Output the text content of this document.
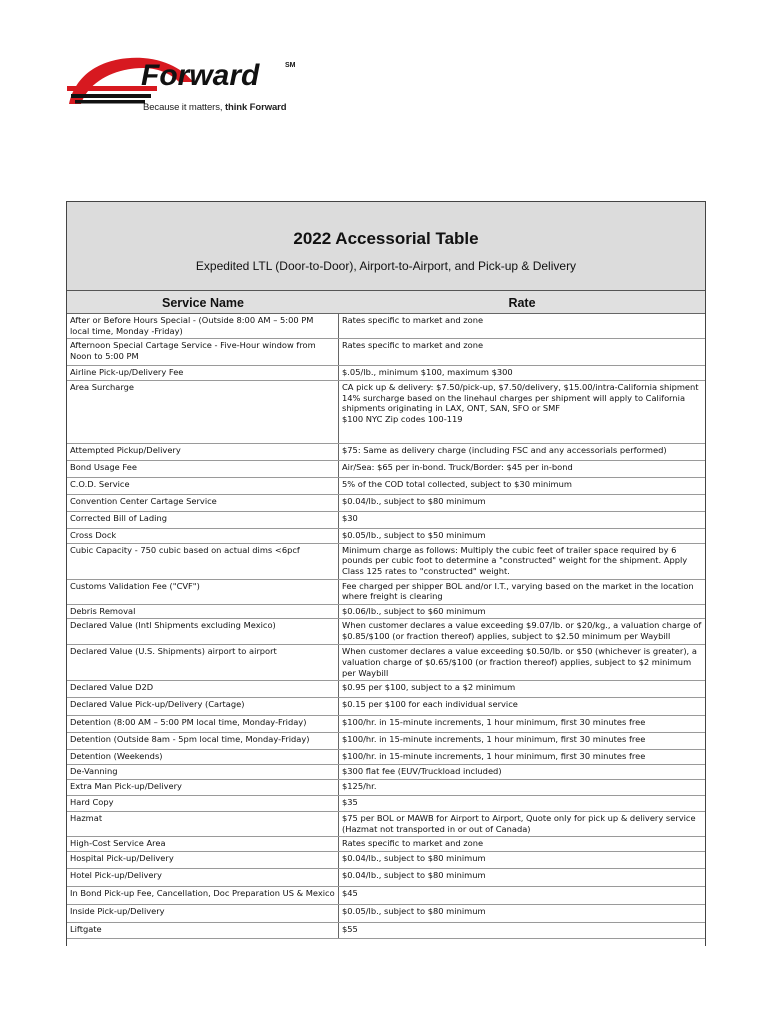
Forward	SM
Because it matters, think Forward
2022 Accessorial Table
Expedited LTL (Door-to-Door), Airport-to-Airport, and Pick-up & Delivery
Service Name	Rate
After or Before Hours Special - (Outside 8:00 AM – 5:00 PM local time, Monday -Friday)	Rates specific to market and zone

Afternoon Special Cartage Service - Five-Hour window from Noon to 5:00 PM	Rates specific to market and zone

Airline Pick-up/Delivery Fee	$.05/lb., minimum $100, maximum $300

Area Surcharge	CA pick up & delivery: $7.50/pick-up, $7.50/delivery, $15.00/intra-California shipment
14% surcharge based on the linehaul charges per shipment will apply to California shipments originating in LAX, ONT, SAN, SFO or SMF
$100 NYC Zip codes 100-119

Attempted Pickup/Delivery	$75: Same as delivery charge (including FSC and any accessorials performed)

Bond Usage Fee	Air/Sea: $65 per in-bond. Truck/Border: $45 per in-bond

C.O.D. Service	5% of the COD total collected, subject to $30 minimum

Convention Center Cartage Service	$0.04/lb., subject to $80 minimum

Corrected Bill of Lading	$30

Cross Dock	$0.05/lb., subject to $50 minimum

Cubic Capacity - 750 cubic based on actual dims <6pcf	Minimum charge as follows: Multiply the cubic feet of trailer space required by 6 pounds per cubic foot to determine a "constructed" weight for the shipment. Apply Class 125 rates to "constructed" weight.

Customs Validation Fee ("CVF")	Fee charged per shipper BOL and/or I.T., varying based on the market in the location where freight is clearing

Debris Removal	$0.06/lb., subject to $60 minimum

Declared Value (Intl Shipments excluding Mexico)	When customer declares a value exceeding $9.07/lb. or $20/kg., a valuation charge of $0.85/$100 (or fraction thereof) applies, subject to $2.50 minimum per Waybill

Declared Value (U.S. Shipments) airport to airport	When customer declares a value exceeding $0.50/lb. or $50 (whichever is greater), a valuation charge of $0.65/$100 (or fraction thereof) applies, subject to $2 minimum per Waybill

Declared Value D2D	$0.95 per $100, subject to a $2 minimum

Declared Value Pick-up/Delivery (Cartage)	$0.15 per $100 for each individual service

Detention (8:00 AM – 5:00 PM local time, Monday-Friday)	$100/hr. in 15-minute increments, 1 hour minimum, first 30 minutes free

Detention (Outside 8am - 5pm local time, Monday-Friday)	$100/hr. in 15-minute increments, 1 hour minimum, first 30 minutes free

Detention (Weekends)	$100/hr. in 15-minute increments, 1 hour minimum, first 30 minutes free

De-Vanning	$300 flat fee (EUV/Truckload included)

Extra Man Pick-up/Delivery	$125/hr.

Hard Copy	$35

Hazmat	$75 per BOL or MAWB for Airport to Airport, Quote only for pick up & delivery service (Hazmat not transported in or out of Canada)

High-Cost Service Area	Rates specific to market and zone

Hospital Pick-up/Delivery	$0.04/lb., subject to $80 minimum

Hotel Pick-up/Delivery	$0.04/lb., subject to $80 minimum

In Bond Pick-up Fee, Cancellation, Doc Preparation US & Mexico	$45

Inside Pick-up/Delivery	$0.05/lb., subject to $80 minimum

Liftgate	$55
